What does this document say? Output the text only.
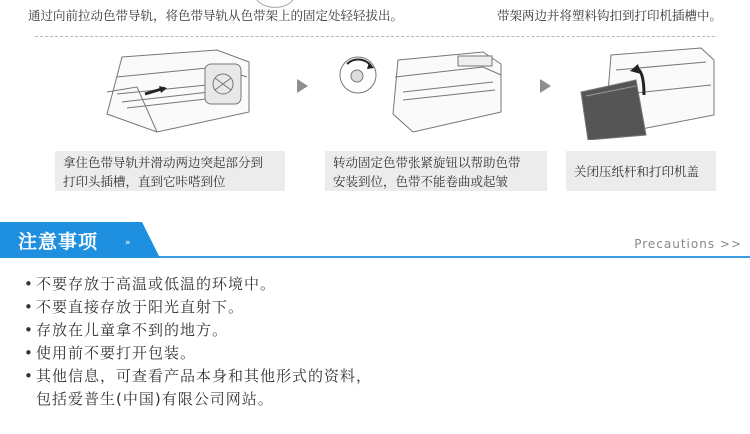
通过向前拉动色带导轨，将色带导轨从色带架上的固定处轻轻拔出。	带架两边并将塑料钩扣到打印机插槽中。
拿住色带导轨并滑动两边突起部分到
打印头插槽，直到它咔嗒到位
转动固定色带张紧旋钮以帮助色带
安装到位，色带不能卷曲或起皱
关闭压纸杆和打印机盖
注意事项	»	Precautions >>
• 不要存放于高温或低温的环境中。
• 不要直接存放于阳光直射下。
• 存放在儿童拿不到的地方。
• 使用前不要打开包装。
• 其他信息，可查看产品本身和其他形式的资料，
包括爱普生(中国)有限公司网站。
